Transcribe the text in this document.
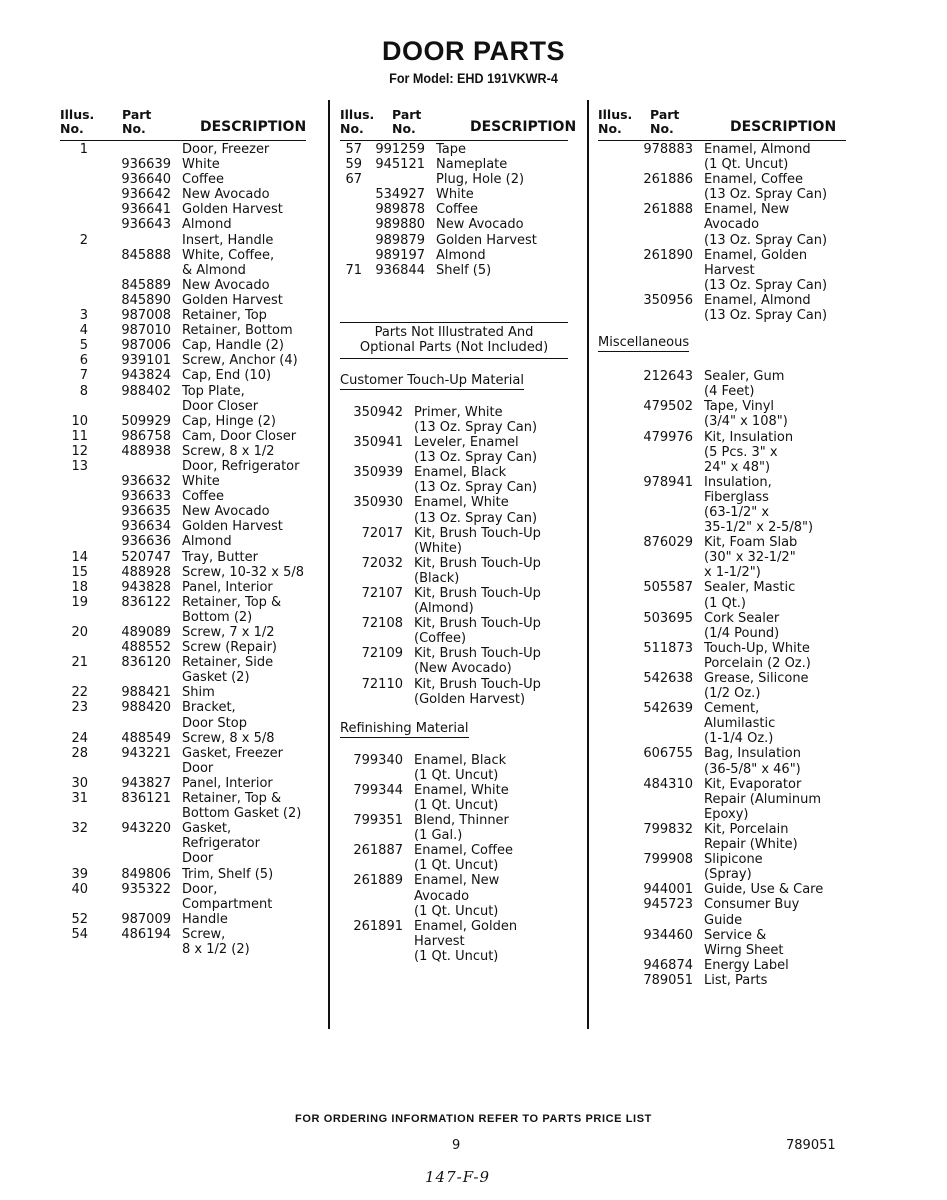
DOOR PARTS
For Model: EHD 191VKWR-4
Illus.
No.
Part
No.	DESCRIPTION
1	Door, Freezer
936639 White
936640 Coffee
936642 New Avocado
936641 Golden Harvest
936643 Almond
2	Insert, Handle
845888 White, Coffee,
& Almond
845889 New Avocado
845890 Golden Harvest
3	987008 Retainer, Top
4	987010 Retainer, Bottom
5	987006 Cap, Handle (2)
6	939101 Screw, Anchor (4)
7	943824 Cap, End (10)
8	988402 Top Plate,
Door Closer
10	509929 Cap, Hinge (2)
11	986758 Cam, Door Closer
12	488938 Screw, 8 x 1/2
13	Door, Refrigerator
936632 White
936633 Coffee
936635 New Avocado
936634 Golden Harvest
936636 Almond
14	520747 Tray, Butter
15	488928 Screw, 10-32 x 5/8
18	943828 Panel, Interior
19	836122 Retainer, Top &
Bottom (2)
20	489089 Screw, 7 x 1/2
488552 Screw (Repair)
21	836120 Retainer, Side
Gasket (2)
22	988421 Shim
23	988420 Bracket,
Door Stop
24	488549 Screw, 8 x 5/8
28	943221 Gasket, Freezer
Door
30	943827 Panel, Interior
31	836121 Retainer, Top &
Bottom Gasket (2)
32	943220 Gasket,
Refrigerator
Door
39	849806 Trim, Shelf (5)
40	935322 Door,
Compartment
52	987009 Handle
54	486194 Screw,
8 x 1/2 (2)
Illus.
No.
Part
No.	DESCRIPTION
57	991259 Tape
59	945121 Nameplate
67	Plug, Hole (2)
534927 White
989878 Coffee
989880 New Avocado
989879 Golden Harvest
989197 Almond
71	936844 Shelf (5)
Parts Not Illustrated And
Optional Parts (Not Included)
Customer Touch-Up Material
350942 Primer, White
(13 Oz. Spray Can)
350941 Leveler, Enamel
(13 Oz. Spray Can)
350939 Enamel, Black
(13 Oz. Spray Can)
350930 Enamel, White
(13 Oz. Spray Can)
72017 Kit, Brush Touch-Up
(White)
72032 Kit, Brush Touch-Up
(Black)
72107 Kit, Brush Touch-Up
(Almond)
72108 Kit, Brush Touch-Up
(Coffee)
72109 Kit, Brush Touch-Up
(New Avocado)
72110 Kit, Brush Touch-Up
(Golden Harvest)
Refinishing Material
799340 Enamel, Black
(1 Qt. Uncut)
799344 Enamel, White
(1 Qt. Uncut)
799351 Blend, Thinner
(1 Gal.)
261887 Enamel, Coffee
(1 Qt. Uncut)
261889 Enamel, New
Avocado
(1 Qt. Uncut)
261891 Enamel, Golden
Harvest
(1 Qt. Uncut)
Illus.
No.
Part
No.	DESCRIPTION
978883 Enamel, Almond
(1 Qt. Uncut)
261886 Enamel, Coffee
(13 Oz. Spray Can)
261888 Enamel, New
Avocado
(13 Oz. Spray Can)
261890 Enamel, Golden
Harvest
(13 Oz. Spray Can)
350956 Enamel, Almond
(13 Oz. Spray Can)
Miscellaneous
212643 Sealer, Gum
(4 Feet)
479502 Tape, Vinyl
(3/4" x 108")
479976 Kit, Insulation
(5 Pcs. 3" x
24" x 48")
978941 Insulation,
Fiberglass
(63-1/2" x
35-1/2" x 2-5/8")
876029 Kit, Foam Slab
(30" x 32-1/2"
x 1-1/2")
505587 Sealer, Mastic
(1 Qt.)
503695 Cork Sealer
(1/4 Pound)
511873 Touch-Up, White
Porcelain (2 Oz.)
542638 Grease, Silicone
(1/2 Oz.)
542639 Cement,
Alumilastic
(1-1/4 Oz.)
606755 Bag, Insulation
(36-5/8" x 46")
484310 Kit, Evaporator
Repair (Aluminum
Epoxy)
799832 Kit, Porcelain
Repair (White)
799908 Slipicone
(Spray)
944001 Guide, Use & Care
945723 Consumer Buy
Guide
934460 Service &
Wirng Sheet
946874 Energy Label
789051 List, Parts
FOR ORDERING INFORMATION REFER TO PARTS PRICE LIST
9	789051
147-F-9
